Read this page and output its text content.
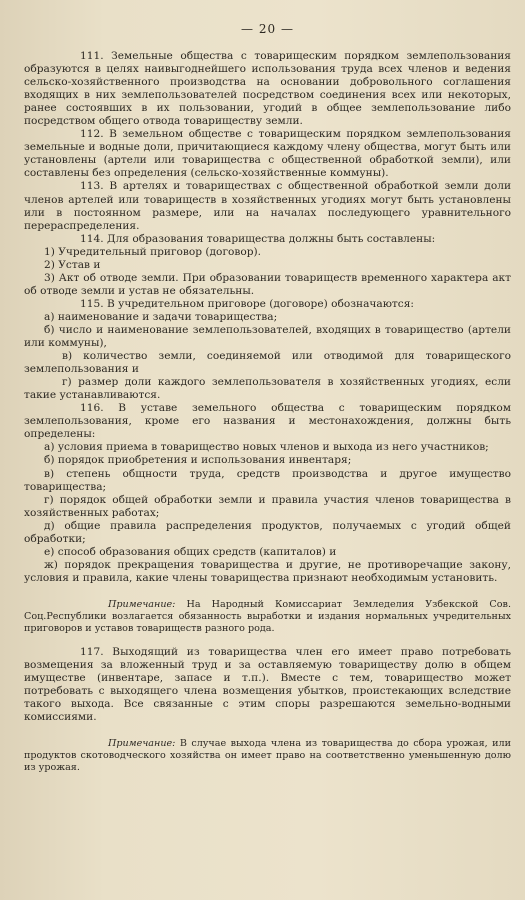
— 20 —

111. Земельные общества с товарищеским порядком землепользования образуются в целях наивыгоднейшего использования труда всех членов и ведения сельско-хозяйственного производства на основании добровольного соглашения входящих в них землепользователей посредством соединения всех или некоторых, ранее состоявших в их пользовании, угодий в общее землепользование либо посредством общего отвода товариществу земли.

112. В земельном обществе с товарищеским порядком землепользования земельные и водные доли, причитающиеся каждому члену общества, могут быть или установлены (артели или товарищества с общественной обработкой земли), или составлены без определения (сельско-хозяйственные коммуны).

113. В артелях и товариществах с общественной обработкой земли доли членов артелей или товариществ в хозяйственных угодиях могут быть установлены или в постоянном размере, или на началах последующего уравнительного перераспределения.

114. Для образования товарищества должны быть составлены:

1) Учредительный приговор (договор).

2) Устав и

3) Акт об отводе земли. При образовании товариществ временного характера акт об отводе земли и устав не обязательны.

115. В учредительном приговоре (договоре) обозначаются:

а) наименование и задачи товарищества;

б) число и наименование землепользователей, входящих в товарищество (артели или коммуны),

в) количество земли, соединяемой или отводимой для товарищеского землепользования и

г) размер доли каждого землепользователя в хозяйственных угодиях, если такие устанавливаются.

116. В уставе земельного общества с товарищеским порядком землепользования, кроме его названия и местонахождения, должны быть определены:

а) условия приема в товарищество новых членов и выхода из него участников;

б) порядок приобретения и использования инвентаря;

в) степень общности труда, средств производства и другое имущество товарищества;

г) порядок общей обработки земли и правила участия членов товарищества в хозяйственных работах;

д) общие правила распределения продуктов, получаемых с угодий общей обработки;

е) способ образования общих средств (капиталов) и

ж) порядок прекращения товарищества и другие, не противоречащие закону, условия и правила, какие члены товарищества признают необходимым установить.

Примечание: На Народный Комиссариат Земледелия Узбекской Сов. Соц.Республики возлагается обязанность выработки и издания нормальных учредительных приговоров и уставов товариществ разного рода.

117. Выходящий из товарищества член его имеет право потребовать возмещения за вложенный труд и за оставляемую товариществу долю в общем имуществе (инвентаре, запасе и т.п.). Вместе с тем, товарищество может потребовать с выходящего члена возмещения убытков, проистекающих вследствие такого выхода. Все связанные с этим споры разрешаются земельно-водными комиссиями.

Примечание: В случае выхода члена из товарищества до сбора урожая, или продуктов скотоводческого хозяйства он имеет право на соответственно уменьшенную долю из урожая.
